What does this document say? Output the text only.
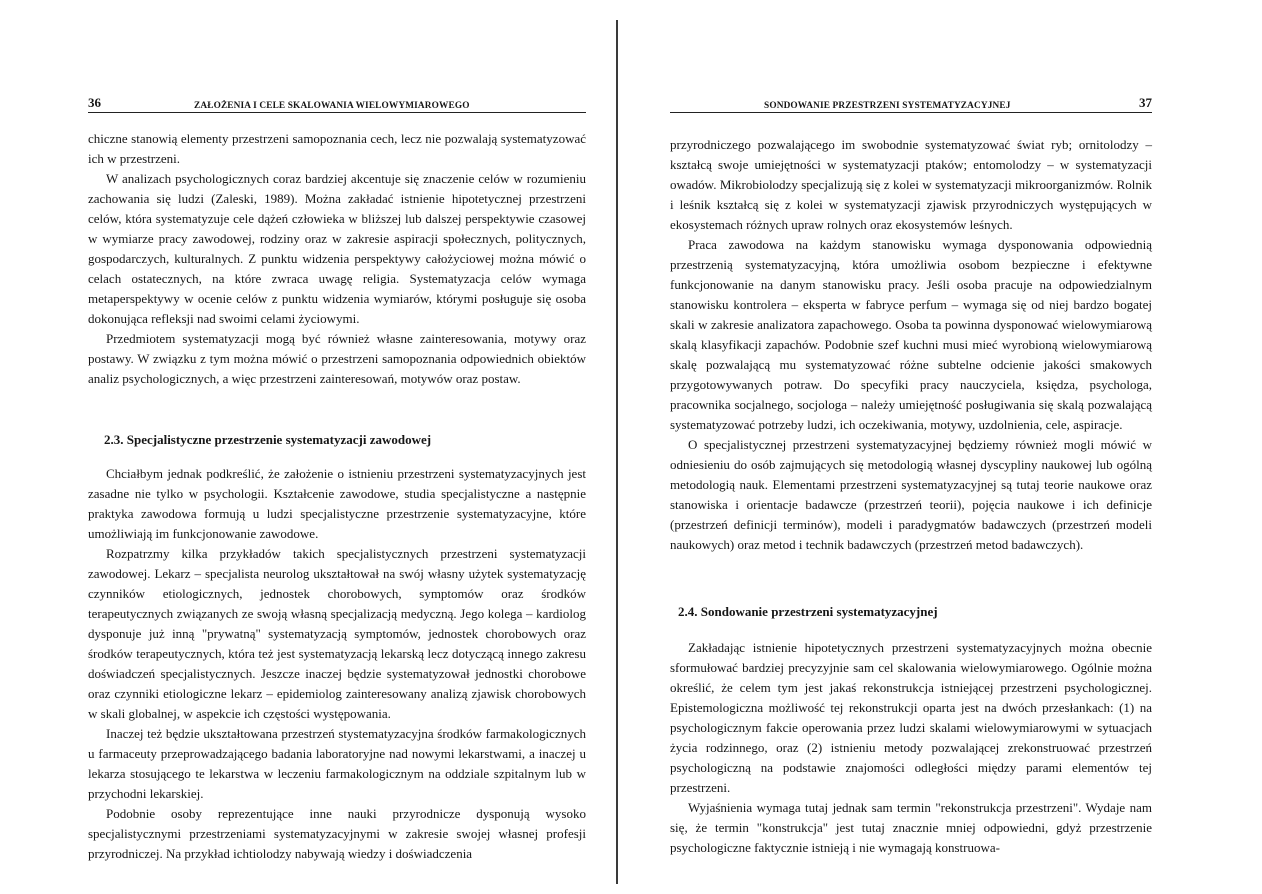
36	ZAŁOŻENIA I CELE SKALOWANIA WIELOWYMIAROWEGO

chiczne stanowią elementy przestrzeni samopoznania cech, lecz nie pozwalają systematyzować ich w przestrzeni.

W analizach psychologicznych coraz bardziej akcentuje się znaczenie celów w rozumieniu zachowania się ludzi (Zaleski, 1989). Można zakładać istnienie hipotetycznej przestrzeni celów, która systematyzuje cele dążeń człowieka w bliższej lub dalszej perspektywie czasowej w wymiarze pracy zawodowej, rodziny oraz w zakresie aspiracji społecznych, politycznych, gospodarczych, kulturalnych. Z punktu widzenia perspektywy całożyciowej można mówić o celach ostatecznych, na które zwraca uwagę religia. Systematyzacja celów wymaga metaperspektywy w ocenie celów z punktu widzenia wymiarów, którymi posługuje się osoba dokonująca refleksji nad swoimi celami życiowymi.

Przedmiotem systematyzacji mogą być również własne zainteresowania, motywy oraz postawy. W związku z tym można mówić o przestrzeni samopoznania odpowiednich obiektów analiz psychologicznych, a więc przestrzeni zainteresowań, motywów oraz postaw.

2.3. Specjalistyczne przestrzenie systematyzacji zawodowej

Chciałbym jednak podkreślić, że założenie o istnieniu przestrzeni systematyzacyjnych jest zasadne nie tylko w psychologii. Kształcenie zawodowe, studia specjalistyczne a następnie praktyka zawodowa formują u ludzi specjalistyczne przestrzenie systematyzacyjne, które umożliwiają im funkcjonowanie zawodowe.

Rozpatrzmy kilka przykładów takich specjalistycznych przestrzeni systematyzacji zawodowej. Lekarz – specjalista neurolog ukształtował na swój własny użytek systematyzację czynników etiologicznych, jednostek chorobowych, symptomów oraz środków terapeutycznych związanych ze swoją własną specjalizacją medyczną. Jego kolega – kardiolog dysponuje już inną "prywatną" systematyzacją symptomów, jednostek chorobowych oraz środków terapeutycznych, która też jest systematyzacją lekarską lecz dotyczącą innego zakresu doświadczeń specjalistycznych. Jeszcze inaczej będzie systematyzował jednostki chorobowe oraz czynniki etiologiczne lekarz – epidemiolog zainteresowany analizą zjawisk chorobowych w skali globalnej, w aspekcie ich częstości występowania.

Inaczej też będzie ukształtowana przestrzeń stystematyzacyjna środków farmakologicznych u farmaceuty przeprowadzającego badania laboratoryjne nad nowymi lekarstwami, a inaczej u lekarza stosującego te lekarstwa w leczeniu farmakologicznym na oddziale szpitalnym lub w przychodni lekarskiej.

Podobnie osoby reprezentujące inne nauki przyrodnicze dysponują wysoko specjalistycznymi przestrzeniami systematyzacyjnymi w zakresie swojej własnej profesji przyrodniczej. Na przykład ichtiolodzy nabywają wiedzy i doświadczenia

SONDOWANIE PRZESTRZENI SYSTEMATYZACYJNEJ	37

przyrodniczego pozwalającego im swobodnie systematyzować świat ryb; ornitolodzy – kształcą swoje umiejętności w systematyzacji ptaków; entomolodzy – w systematyzacji owadów. Mikrobiolodzy specjalizują się z kolei w systematyzacji mikroorganizmów. Rolnik i leśnik kształcą się z kolei w systematyzacji zjawisk przyrodniczych występujących w ekosystemach różnych upraw rolnych oraz ekosystemów leśnych.

Praca zawodowa na każdym stanowisku wymaga dysponowania odpowiednią przestrzenią systematyzacyjną, która umożliwia osobom bezpieczne i efektywne funkcjonowanie na danym stanowisku pracy. Jeśli osoba pracuje na odpowiedzialnym stanowisku kontrolera – eksperta w fabryce perfum – wymaga się od niej bardzo bogatej skali w zakresie analizatora zapachowego. Osoba ta powinna dysponować wielowymiarową skalą klasyfikacji zapachów. Podobnie szef kuchni musi mieć wyrobioną wielowymiarową skalę pozwalającą mu systematyzować różne subtelne odcienie jakości smakowych przygotowywanych potraw. Do specyfiki pracy nauczyciela, księdza, psychologa, pracownika socjalnego, socjologa – należy umiejętność posługiwania się skalą pozwalającą systematyzować potrzeby ludzi, ich oczekiwania, motywy, uzdolnienia, cele, aspiracje.

O specjalistycznej przestrzeni systematyzacyjnej będziemy również mogli mówić w odniesieniu do osób zajmujących się metodologią własnej dyscypliny naukowej lub ogólną metodologią nauk. Elementami przestrzeni systematyzacyjnej są tutaj teorie naukowe oraz stanowiska i orientacje badawcze (przestrzeń teorii), pojęcia naukowe i ich definicje (przestrzeń definicji terminów), modeli i paradygmatów badawczych (przestrzeń modeli naukowych) oraz metod i technik badawczych (przestrzeń metod badawczych).

2.4. Sondowanie przestrzeni systematyzacyjnej

Zakładając istnienie hipotetycznych przestrzeni systematyzacyjnych można obecnie sformułować bardziej precyzyjnie sam cel skalowania wielowymiarowego. Ogólnie można określić, że celem tym jest jakaś rekonstrukcja istniejącej przestrzeni psychologicznej. Epistemologiczna możliwość tej rekonstrukcji oparta jest na dwóch przesłankach: (1) na psychologicznym fakcie operowania przez ludzi skalami wielowymiarowymi w sytuacjach życia rodzinnego, oraz (2) istnieniu metody pozwalającej zrekonstruować przestrzeń psychologiczną na podstawie znajomości odległości między parami elementów tej przestrzeni.

Wyjaśnienia wymaga tutaj jednak sam termin "rekonstrukcja przestrzeni". Wydaje nam się, że termin "konstrukcja" jest tutaj znacznie mniej odpowiedni, gdyż przestrzenie psychologiczne faktycznie istnieją i nie wymagają konstruowa-
